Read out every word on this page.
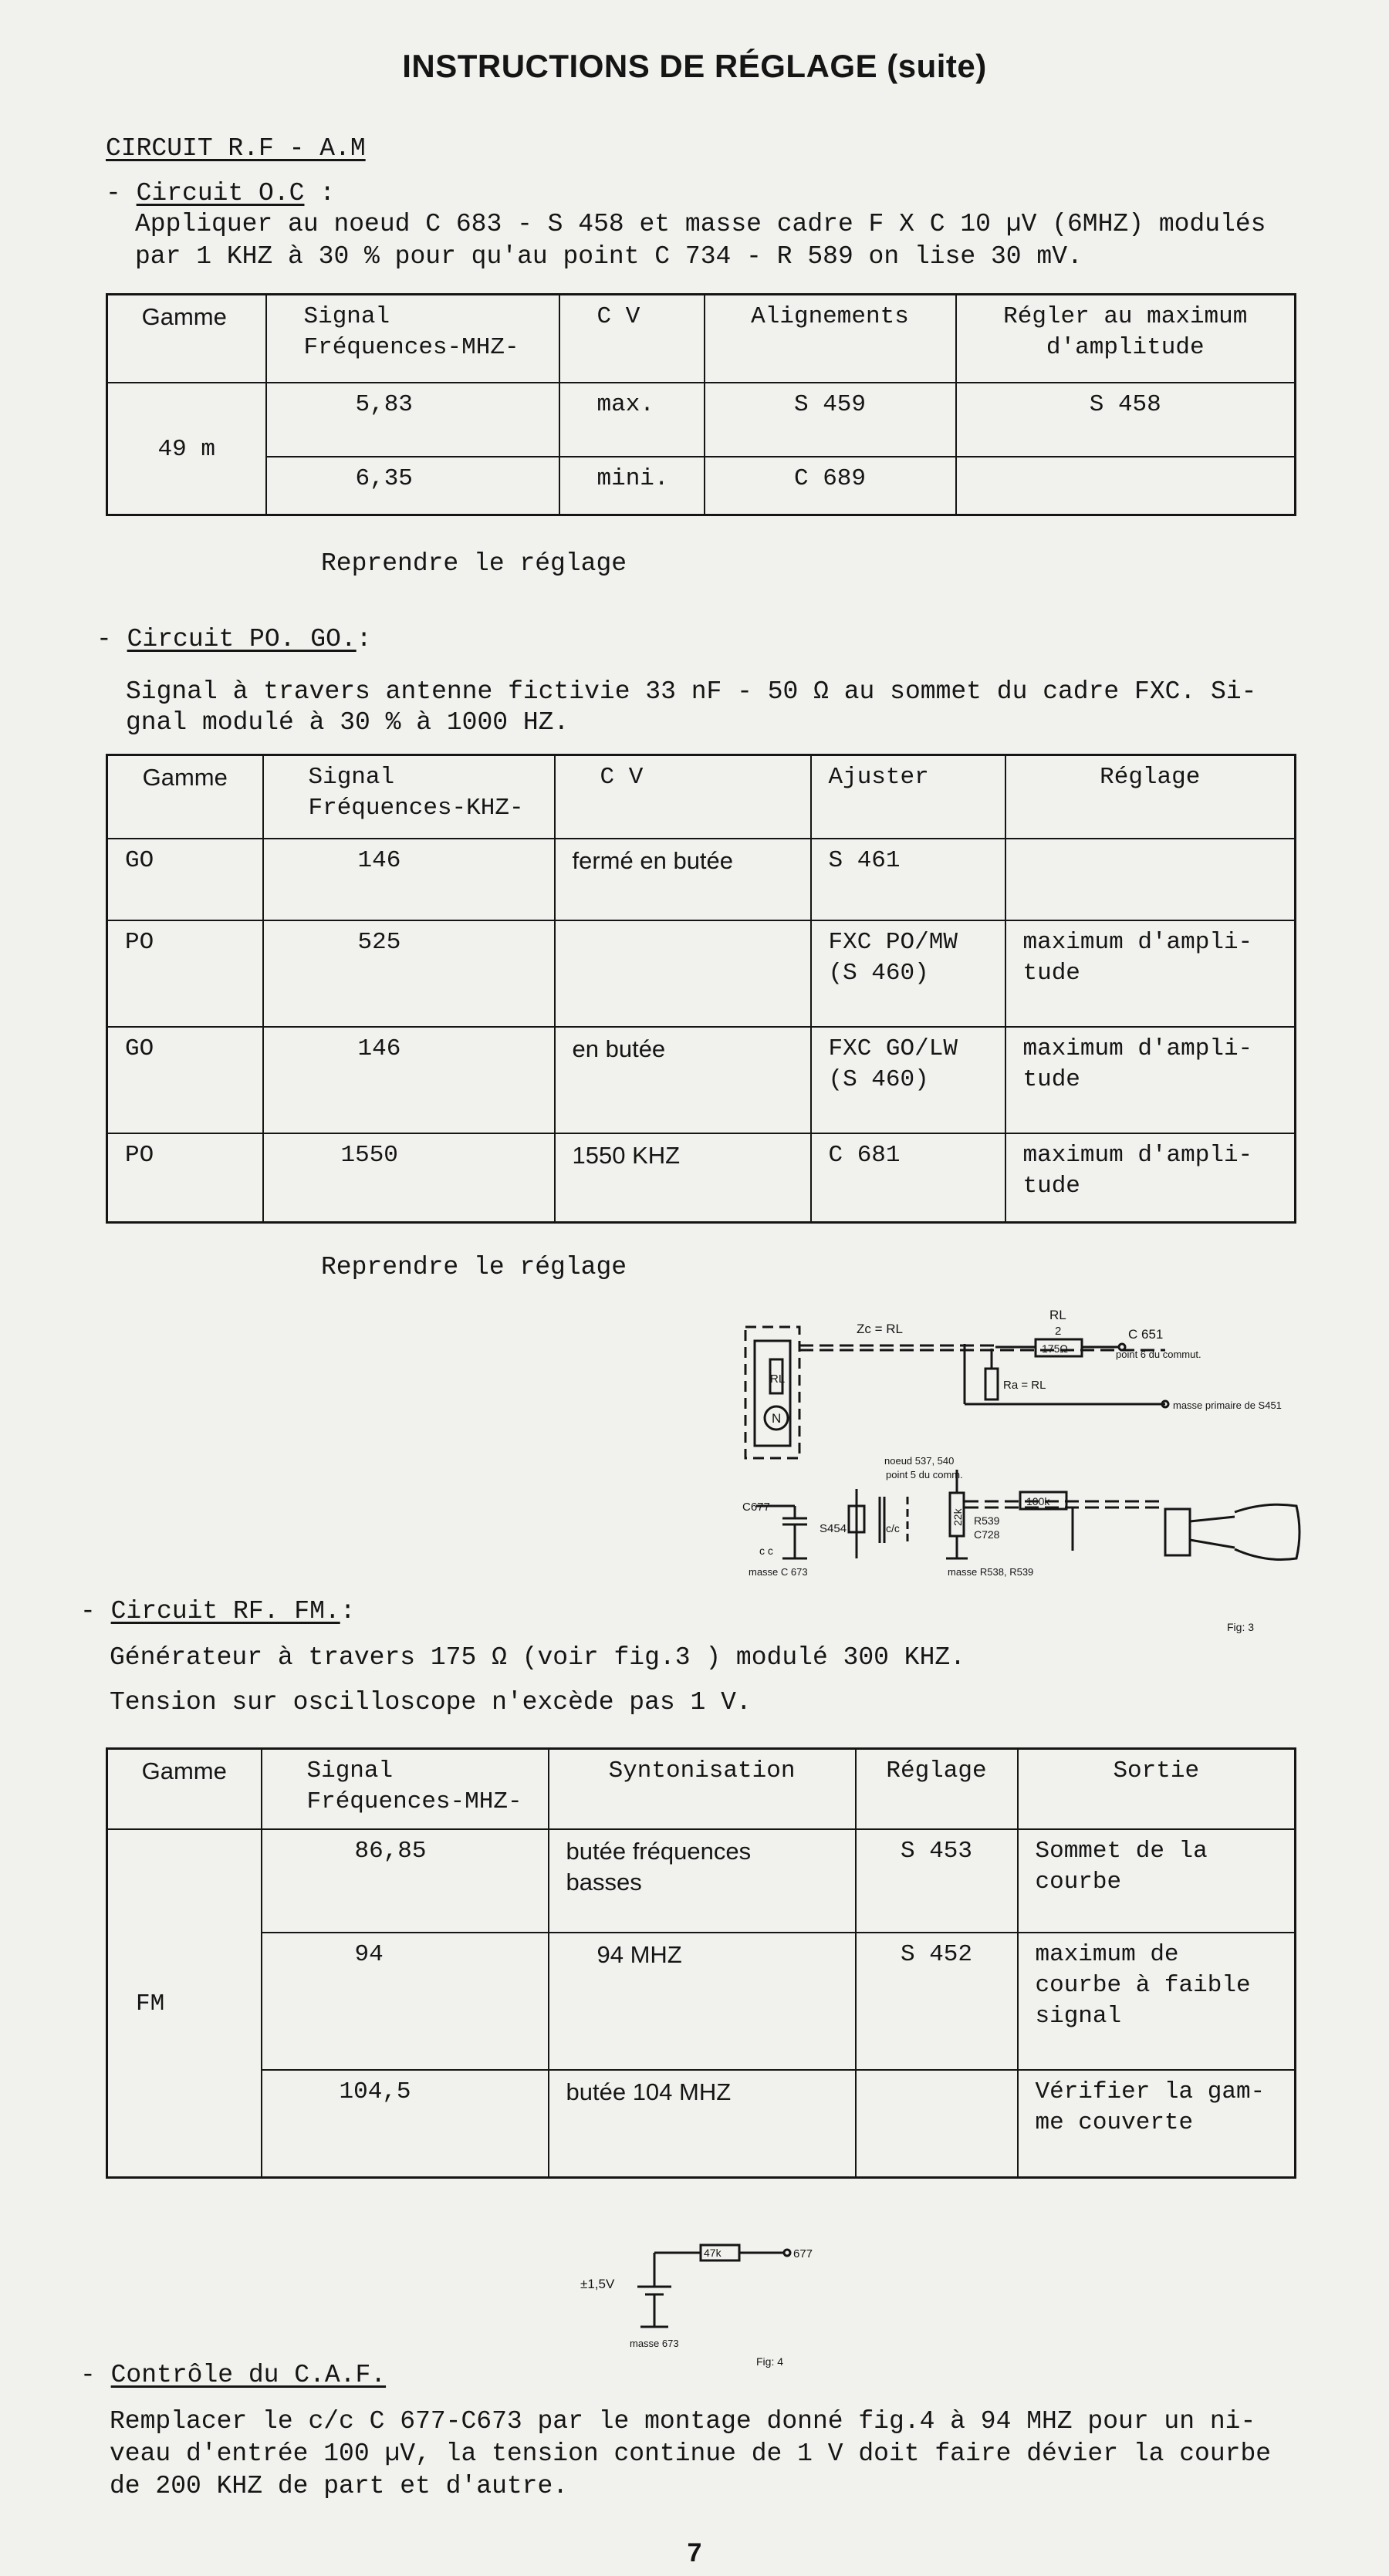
INSTRUCTIONS DE RÉGLAGE (suite)
CIRCUIT R.F - A.M
- Circuit O.C :
Appliquer au noeud C 683 - S 458 et masse cadre F X C 10 µV (6MHZ) modulés
par 1 KHZ à 30 % pour qu'au point C 734 - R 589 on lise 30 mV.
Gamme	Signal
Fréquences-MHZ-	C V	Alignements	Régler au maximum
d'amplitude
49 m	5,83	max.	S 459	S 458
	6,35	mini.	C 689	
Reprendre le réglage
- Circuit PO. GO.:
Signal à travers antenne fictivie 33 nF - 50 Ω au sommet du cadre FXC. Si-
gnal modulé à 30 % à 1000 HZ.
Gamme	Signal
Fréquences-KHZ-	C V	Ajuster	Réglage
GO	146	fermé en butée	S 461	
PO	525		FXC PO/MW
(S 460)	maximum d'ampli-
tude
GO	146	en butée	FXC GO/LW
(S 460)	maximum d'ampli-
tude
PO	1550	1550 KHZ	C 681	maximum d'ampli-
tude
Reprendre le réglage
Zc = RL
RL
2
175Ω
C 651
point 6 du commut.
RL	Ra = RL
N
masse primaire de S451
noeud 537, 540
point 5 du comm.
C677
S454	c/c
c c
R539
C728
100k
22k
masse C 673	masse R538, R539
Fig: 3
- Circuit RF. FM.:
Générateur à travers 175 Ω (voir fig.3 ) modulé 300 KHZ.
Tension sur oscilloscope n'excède pas 1 V.
Gamme	Signal
Fréquences-MHZ-	Syntonisation	Réglage	Sortie
FM	86,85	butée fréquences
basses	S 453	Sommet de la
courbe
	94	94 MHZ	S 452	maximum de
courbe à faible
signal
	104,5	butée 104 MHZ		Vérifier la gam-
me couverte
47k	677
±1,5V
masse 673
Fig: 4
- Contrôle du C.A.F.
Remplacer le c/c C 677-C673 par le montage donné fig.4 à 94 MHZ pour un ni-
veau d'entrée 100 µV, la tension continue de 1 V doit faire dévier la courbe
de 200 KHZ de part et d'autre.
7
